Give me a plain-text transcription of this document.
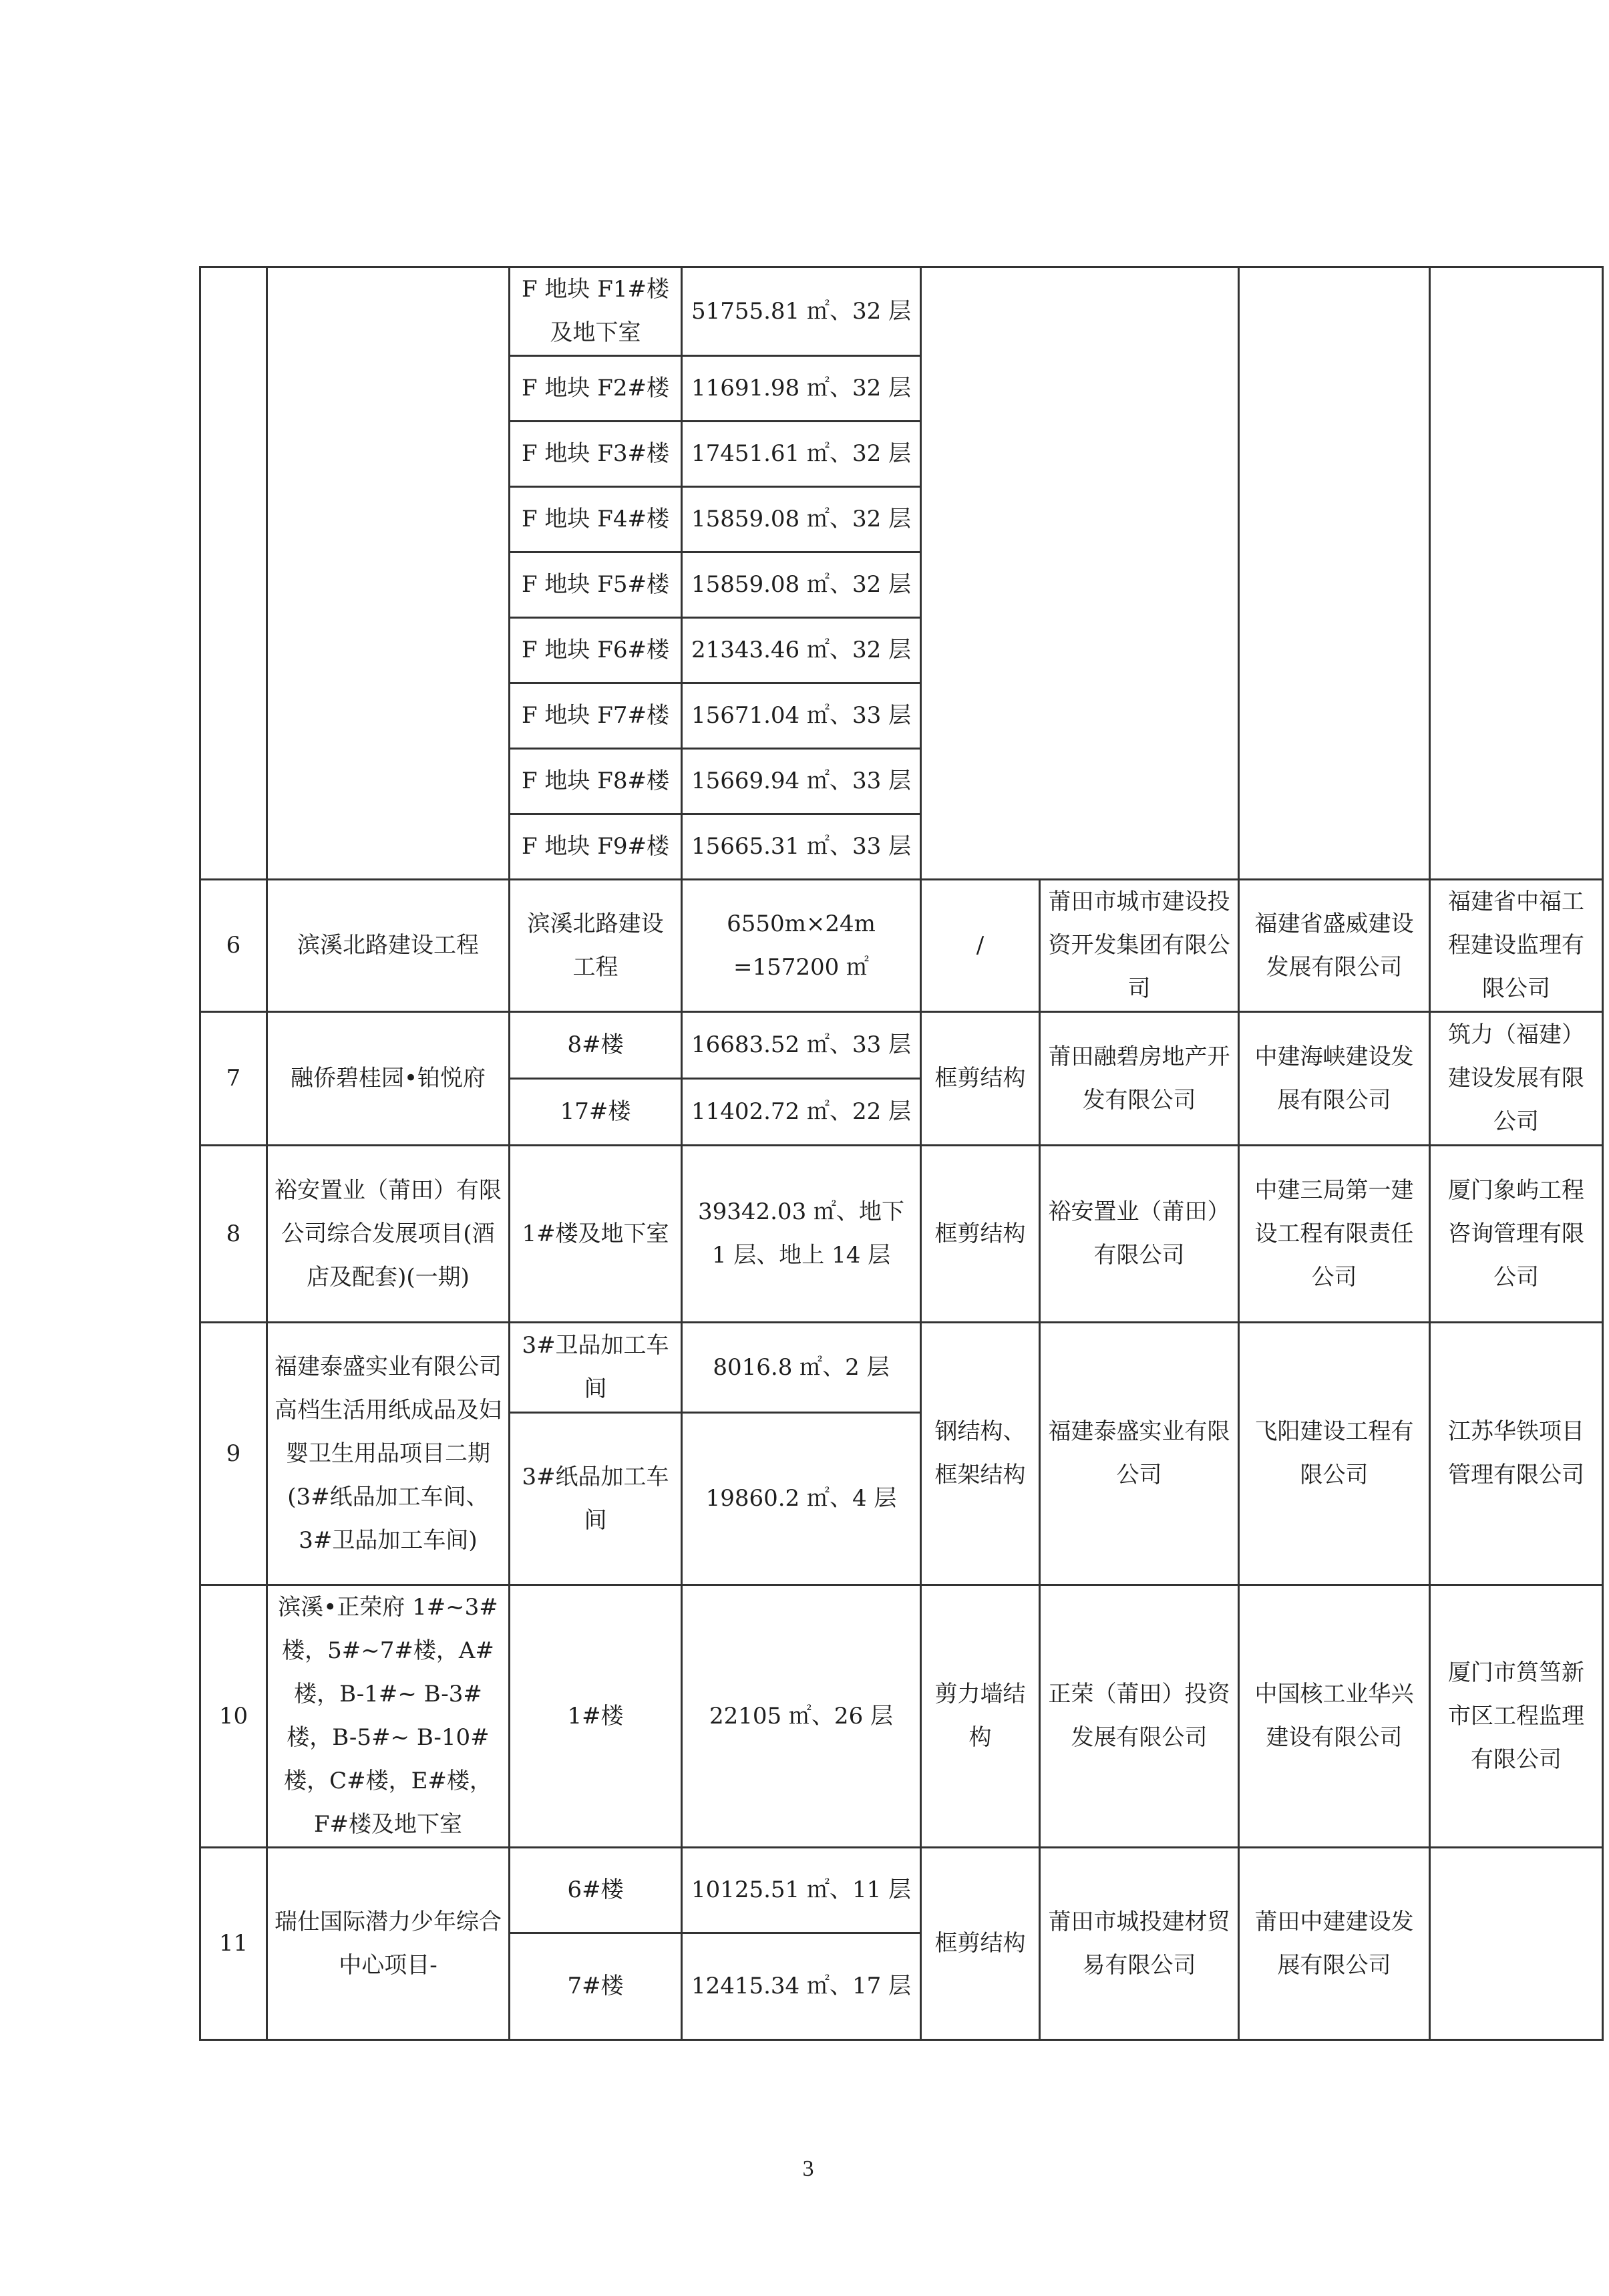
		F 地块 F1#楼及地下室	51755.81 ㎡、32 层				
		F 地块 F2#楼	11691.98 ㎡、32 层				
		F 地块 F3#楼	17451.61 ㎡、32 层				
		F 地块 F4#楼	15859.08 ㎡、32 层				
		F 地块 F5#楼	15859.08 ㎡、32 层				
		F 地块 F6#楼	21343.46 ㎡、32 层				
		F 地块 F7#楼	15671.04 ㎡、33 层				
		F 地块 F8#楼	15669.94 ㎡、33 层				
		F 地块 F9#楼	15665.31 ㎡、33 层				
6	滨溪北路建设工程	滨溪北路建设工程	6550m×24m =157200 ㎡	/	莆田市城市建设投资开发集团有限公司	福建省盛威建设发展有限公司	福建省中福工程建设监理有限公司
7	融侨碧桂园•铂悦府	8#楼	16683.52 ㎡、33 层	框剪结构	莆田融碧房地产开发有限公司	中建海峡建设发展有限公司	筑力（福建）建设发展有限公司
		17#楼	11402.72 ㎡、22 层				
8	裕安置业（莆田）有限公司综合发展项目(酒店及配套)(一期)	1#楼及地下室	39342.03 ㎡、地下 1 层、地上 14 层	框剪结构	裕安置业（莆田）有限公司	中建三局第一建设工程有限责任公司	厦门象屿工程咨询管理有限公司
9	福建泰盛实业有限公司高档生活用纸成品及妇婴卫生用品项目二期(3#纸品加工车间、3#卫品加工车间)	3#卫品加工车间	8016.8 ㎡、2 层	钢结构、框架结构	福建泰盛实业有限公司	飞阳建设工程有限公司	江苏华铁项目管理有限公司
		3#纸品加工车间	19860.2 ㎡、4 层				
10	滨溪•正荣府 1#~3#楼，5#~7#楼，A#楼，B-1#~ B-3#楼，B-5#~ B-10#楼，C#楼，E#楼，F#楼及地下室	1#楼	22105 ㎡、26 层	剪力墙结构	正荣（莆田）投资发展有限公司	中国核工业华兴建设有限公司	厦门市筼筜新市区工程监理有限公司
11	瑞仕国际潜力少年综合中心项目-	6#楼	10125.51 ㎡、11 层	框剪结构	莆田市城投建材贸易有限公司	莆田中建建设发展有限公司	
		7#楼	12415.34 ㎡、17 层				
3
